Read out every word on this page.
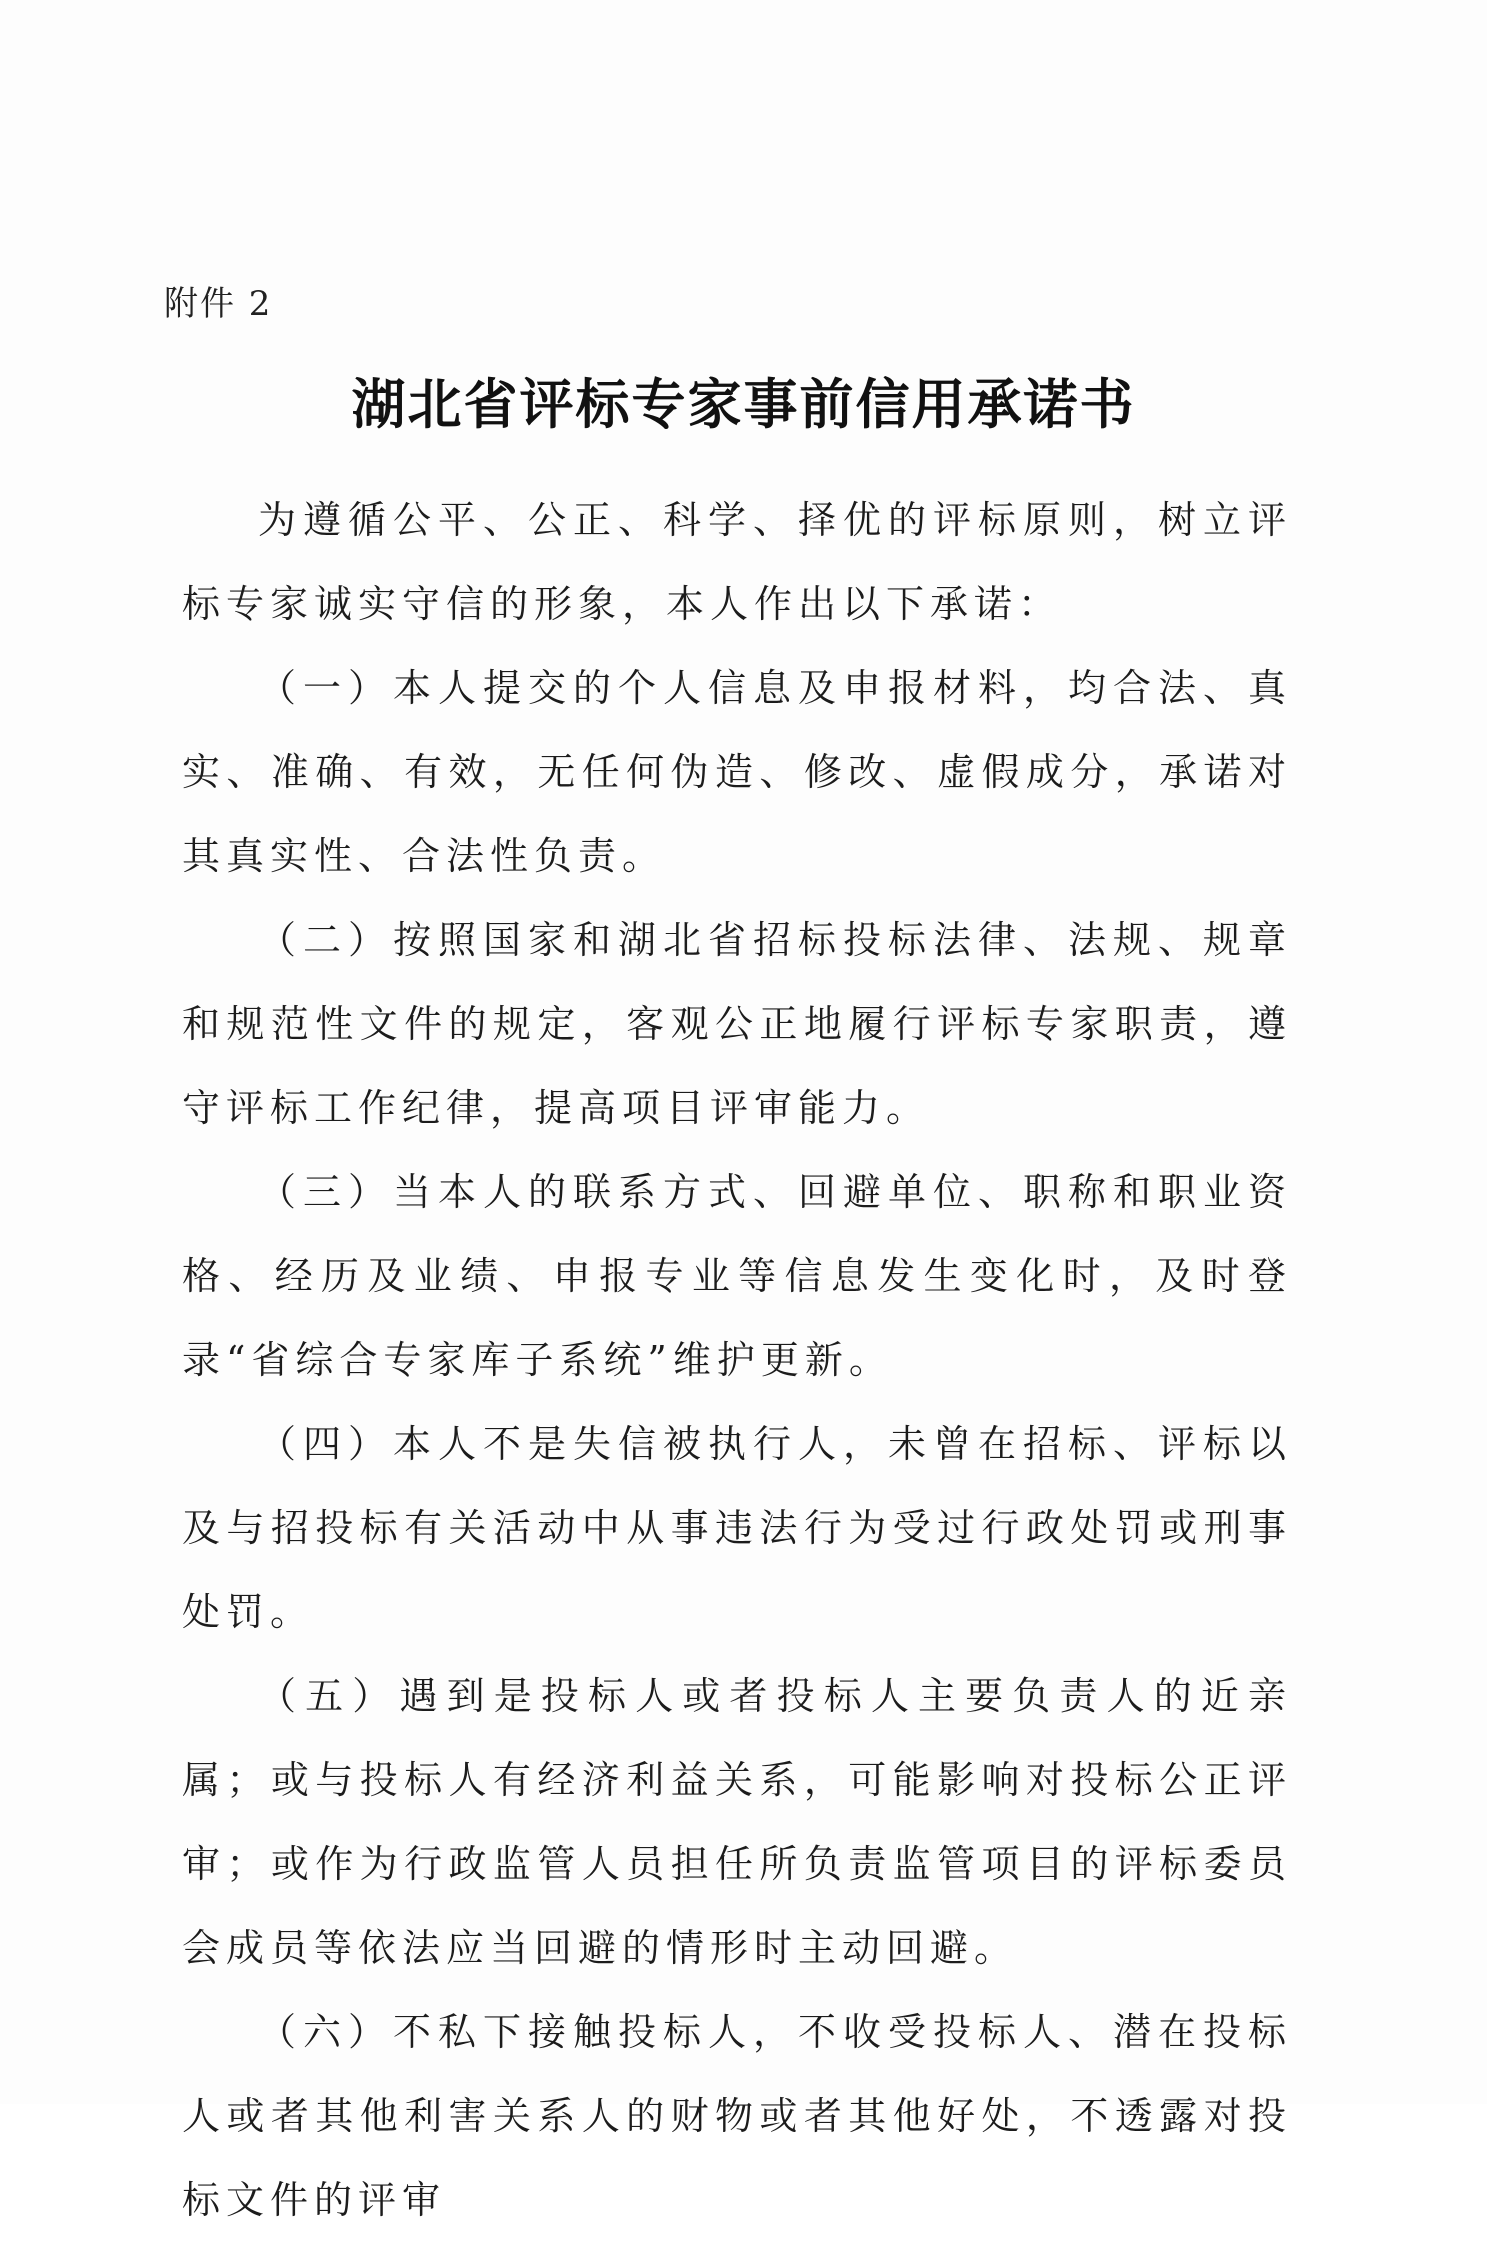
附件 2
湖北省评标专家事前信用承诺书

为遵循公平、公正、科学、择优的评标原则，树立评标专家诚实守信的形象，本人作出以下承诺：

（一）本人提交的个人信息及申报材料，均合法、真实、准确、有效，无任何伪造、修改、虚假成分，承诺对其真实性、合法性负责。

（二）按照国家和湖北省招标投标法律、法规、规章和规范性文件的规定，客观公正地履行评标专家职责，遵守评标工作纪律，提高项目评审能力。

（三）当本人的联系方式、回避单位、职称和职业资格、经历及业绩、申报专业等信息发生变化时，及时登录“省综合专家库子系统”维护更新。

（四）本人不是失信被执行人，未曾在招标、评标以及与招投标有关活动中从事违法行为受过行政处罚或刑事处罚。

（五）遇到是投标人或者投标人主要负责人的近亲属；或与投标人有经济利益关系，可能影响对投标公正评审；或作为行政监管人员担任所负责监管项目的评标委员会成员等依法应当回避的情形时主动回避。

（六）不私下接触投标人，不收受投标人、潜在投标人或者其他利害关系人的财物或者其他好处，不透露对投标文件的评审
